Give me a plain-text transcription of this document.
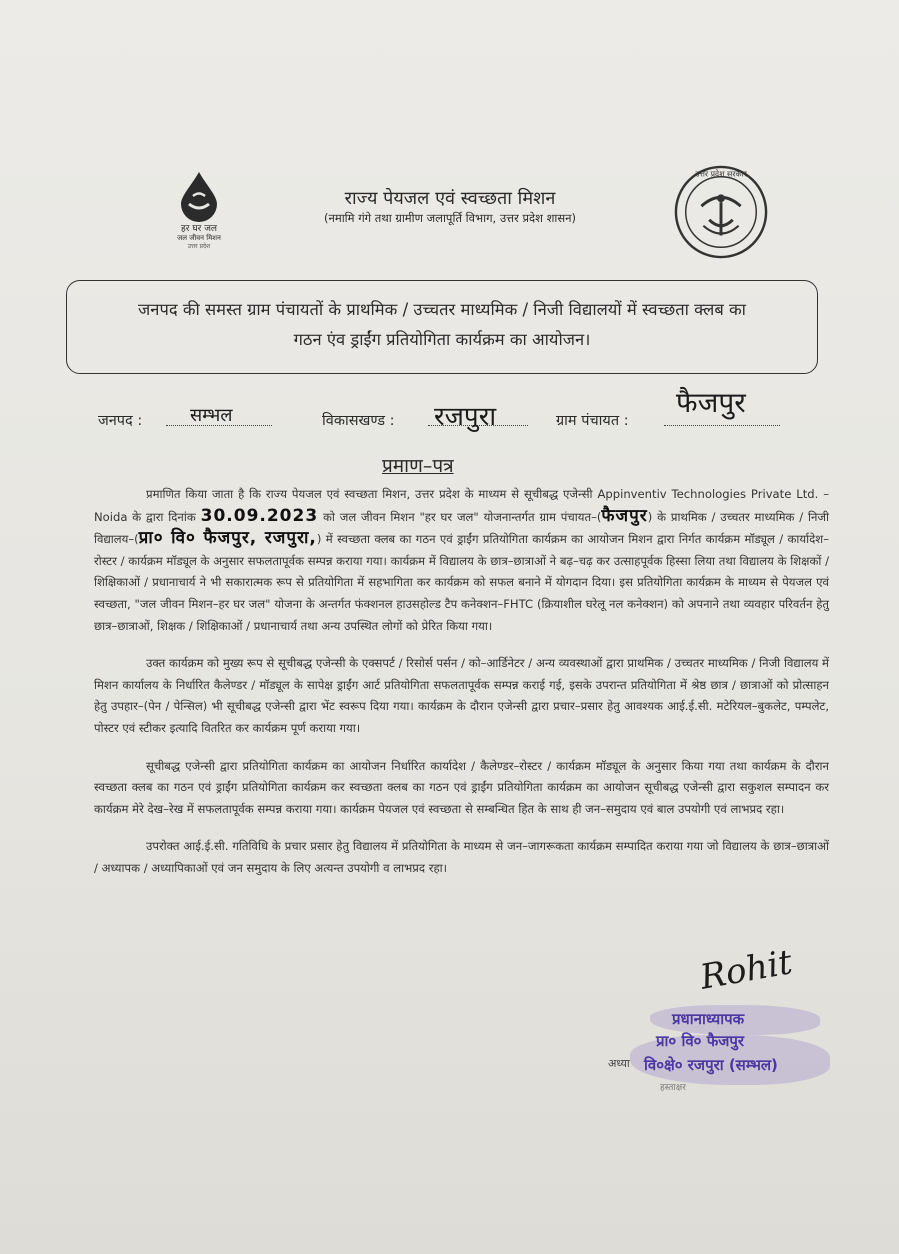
हर घर जल
जल जीवन मिशन
उत्तर प्रदेश
राज्य पेयजल एवं स्वच्छता मिशन
(नमामि गंगे तथा ग्रामीण जलापूर्ति विभाग, उत्तर प्रदेश शासन)
उत्तर प्रदेश सरकार
जनपद की समस्त ग्राम पंचायतों के प्राथमिक / उच्चतर माध्यमिक / निजी विद्यालयों में स्वच्छता क्लब का
गठन एंव ड्राईंग प्रतियोगिता कार्यक्रम का आयोजन।
जनपद :	सम्भल	विकासखण्ड : रजपुरा	ग्राम पंचायत :
फैजपुर
प्रमाण–पत्र

प्रमाणित किया जाता है कि राज्य पेयजल एवं स्वच्छता मिशन, उत्तर प्रदेश के माध्यम से सूचीबद्ध एजेन्सी Appinventiv Technologies Private Ltd. – Noida के द्वारा दिनांक 30.09.2023 को जल जीवन मिशन "हर घर जल" योजनान्तर्गत ग्राम पंचायत–(फैजपुर) के प्राथमिक / उच्चतर माध्यमिक / निजी विद्यालय–(प्रा० वि० फैजपुर, रजपुरा,) में स्वच्छता क्लब का गठन एवं ड्राईंग प्रतियोगिता कार्यक्रम का आयोजन मिशन द्वारा निर्गत कार्यक्रम मॉड्यूल / कार्यादेश–रोस्टर / कार्यक्रम मॉड्यूल के अनुसार सफलतापूर्वक सम्पन्न कराया गया। कार्यक्रम में विद्यालय के छात्र–छात्राओं ने बढ़–चढ़ कर उत्साहपूर्वक हिस्सा लिया तथा विद्यालय के शिक्षकों / शिक्षिकाओं / प्रधानाचार्य ने भी सकारात्मक रूप से प्रतियोगिता में सहभागिता कर कार्यक्रम को सफल बनाने में योगदान दिया। इस प्रतियोगिता कार्यक्रम के माध्यम से पेयजल एवं स्वच्छता, "जल जीवन मिशन–हर घर जल" योजना के अन्तर्गत फंक्शनल हाउसहोल्ड टैप कनेक्शन–FHTC (क्रियाशील घरेलू नल कनेक्शन) को अपनाने तथा व्यवहार परिवर्तन हेतु छात्र–छात्राओं, शिक्षक / शिक्षिकाओं / प्रधानाचार्य तथा अन्य उपस्थित लोगों को प्रेरित किया गया।

उक्त कार्यक्रम को मुख्य रूप से सूचीबद्ध एजेन्सी के एक्सपर्ट / रिसोर्स पर्सन / को–आर्डिनेटर / अन्य व्यवस्थाओं द्वारा प्राथमिक / उच्चतर माध्यमिक / निजी विद्यालय में मिशन कार्यालय के निर्धारित कैलेण्डर / मॉड्यूल के सापेक्ष ड्राईंग आर्ट प्रतियोगिता सफलतापूर्वक सम्पन्न कराई गई, इसके उपरान्त प्रतियोगिता में श्रेष्ठ छात्र / छात्राओं को प्रोत्साहन हेतु उपहार–(पेन / पेन्सिल) भी सूचीबद्ध एजेन्सी द्वारा भेंट स्वरूप दिया गया। कार्यक्रम के दौरान एजेन्सी द्वारा प्रचार–प्रसार हेतु आवश्यक आई.ई.सी. मटेरियल–बुकलेट, पम्पलेट, पोस्टर एवं स्टीकर इत्यादि वितरित कर कार्यक्रम पूर्ण कराया गया।

सूचीबद्ध एजेन्सी द्वारा प्रतियोगिता कार्यक्रम का आयोजन निर्धारित कार्यादेश / कैलेण्डर–रोस्टर / कार्यक्रम मॉड्यूल के अनुसार किया गया तथा कार्यक्रम के दौरान स्वच्छता क्लब का गठन एवं ड्राईंग प्रतियोगिता कार्यक्रम कर स्वच्छता क्लब का गठन एवं ड्राईंग प्रतियोगिता कार्यक्रम का आयोजन सूचीबद्ध एजेन्सी द्वारा सकुशल सम्पादन कर कार्यक्रम मेरे देख–रेख में सफलतापूर्वक सम्पन्न कराया गया। कार्यक्रम पेयजल एवं स्वच्छता से सम्बन्धित हित के साथ ही जन–समुदाय एवं बाल उपयोगी एवं लाभप्रद रहा।

उपरोक्त आई.ई.सी. गतिविधि के प्रचार प्रसार हेतु विद्यालय में प्रतियोगिता के माध्यम से जन–जागरूकता कार्यक्रम सम्पादित कराया गया जो विद्यालय के छात्र–छात्राओं / अध्यापक / अध्यापिकाओं एवं जन समुदाय के लिए अत्यन्त उपयोगी व लाभप्रद रहा।

Rohit
प्रधानाध्यापक
प्रा० वि० फैजपुर
वि०क्षे० रजपुरा (सम्भल)
अध्या
हस्ताक्षर
